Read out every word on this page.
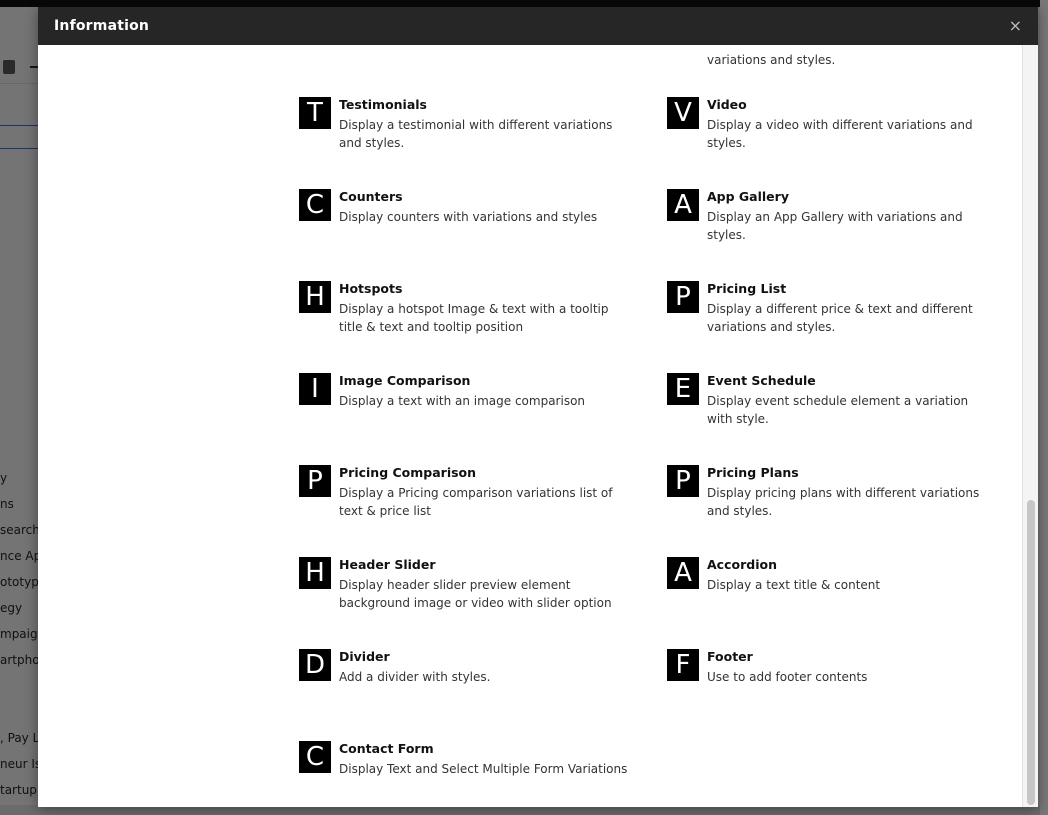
Information	×
variations and styles.
T	Testimonials
Display a testimonial with different variations and styles.
C	Counters
Display counters with variations and styles
H	Hotspots
Display a hotspot Image & text with a tooltip title & text and tooltip position
I	Image Comparison
Display a text with an image comparison
P	Pricing Comparison
Display a Pricing comparison variations list of text & price list
H	Header Slider
Display header slider preview element background image or video with slider option
D	Divider
Add a divider with styles.
C	Contact Form
Display Text and Select Multiple Form Variations
V	Video
Display a video with different variations and styles.
A	App Gallery
Display an App Gallery with variations and styles.
P	Pricing List
Display a different price & text and different variations and styles.
E	Event Schedule
Display event schedule element a variation with style.
P	Pricing Plans
Display pricing plans with different variations and styles.
A	Accordion
Display a text title & content
F	Footer
Use to add footer contents
